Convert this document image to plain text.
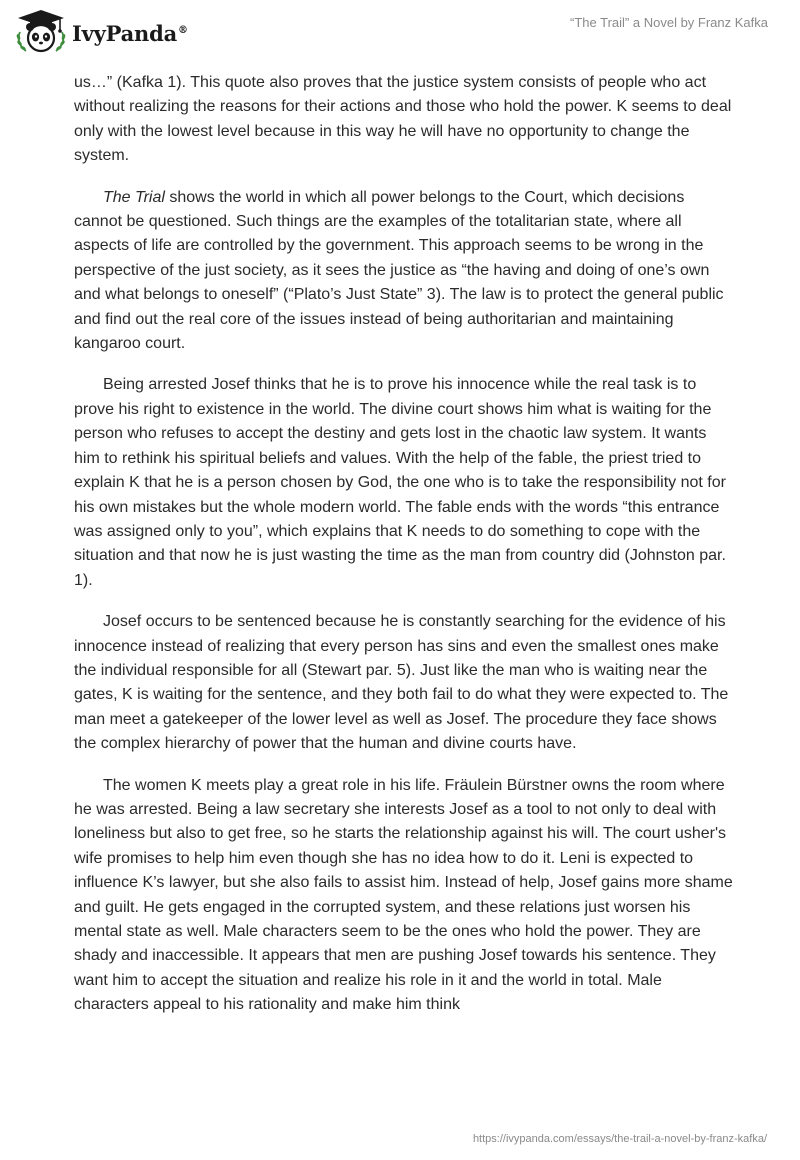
IvyPanda®	“The Trail” a Novel by Franz Kafka

us…” (Kafka 1). This quote also proves that the justice system consists of people who act without realizing the reasons for their actions and those who hold the power. K seems to deal only with the lowest level because in this way he will have no opportunity to change the system.

The Trial shows the world in which all power belongs to the Court, which decisions cannot be questioned. Such things are the examples of the totalitarian state, where all aspects of life are controlled by the government. This approach seems to be wrong in the perspective of the just society, as it sees the justice as “the having and doing of one’s own and what belongs to oneself” (“Plato’s Just State” 3). The law is to protect the general public and find out the real core of the issues instead of being authoritarian and maintaining kangaroo court.

Being arrested Josef thinks that he is to prove his innocence while the real task is to prove his right to existence in the world. The divine court shows him what is waiting for the person who refuses to accept the destiny and gets lost in the chaotic law system. It wants him to rethink his spiritual beliefs and values. With the help of the fable, the priest tried to explain K that he is a person chosen by God, the one who is to take the responsibility not for his own mistakes but the whole modern world. The fable ends with the words “this entrance was assigned only to you”, which explains that K needs to do something to cope with the situation and that now he is just wasting the time as the man from country did (Johnston par. 1).

Josef occurs to be sentenced because he is constantly searching for the evidence of his innocence instead of realizing that every person has sins and even the smallest ones make the individual responsible for all (Stewart par. 5). Just like the man who is waiting near the gates, K is waiting for the sentence, and they both fail to do what they were expected to. The man meet a gatekeeper of the lower level as well as Josef. The procedure they face shows the complex hierarchy of power that the human and divine courts have.

The women K meets play a great role in his life. Fräulein Bürstner owns the room where he was arrested. Being a law secretary she interests Josef as a tool to not only to deal with loneliness but also to get free, so he starts the relationship against his will. The court usher's wife promises to help him even though she has no idea how to do it. Leni is expected to influence K’s lawyer, but she also fails to assist him. Instead of help, Josef gains more shame and guilt. He gets engaged in the corrupted system, and these relations just worsen his mental state as well. Male characters seem to be the ones who hold the power. They are shady and inaccessible. It appears that men are pushing Josef towards his sentence. They want him to accept the situation and realize his role in it and the world in total. Male characters appeal to his rationality and make him think

https://ivypanda.com/essays/the-trail-a-novel-by-franz-kafka/
